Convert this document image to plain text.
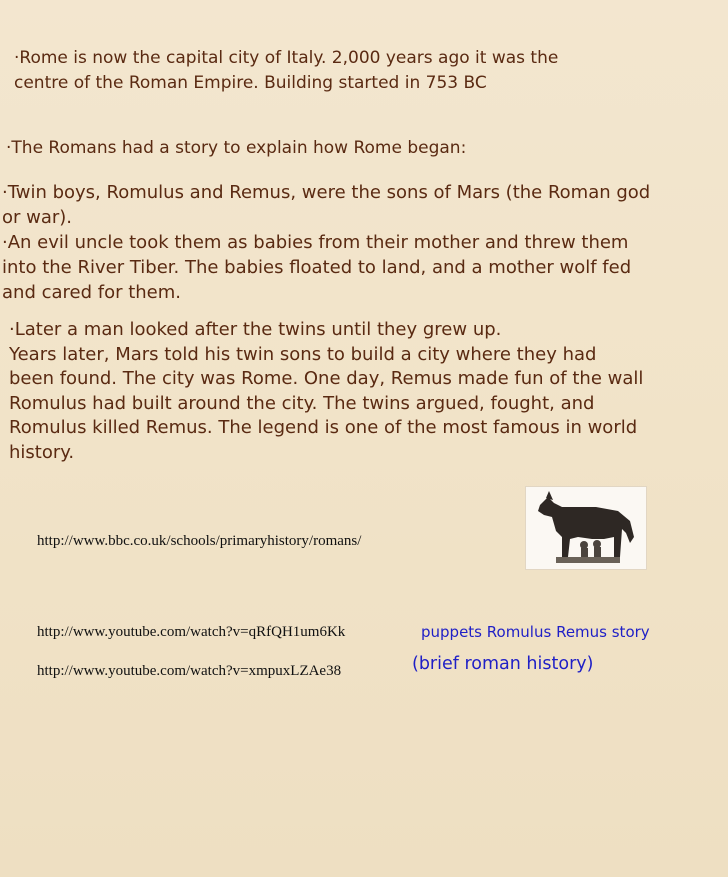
·Rome is now the capital city of Italy. 2,000 years ago it was the
centre of the Roman Empire. Building started in 753 BC

·The Romans had a story to explain how Rome began:

·Twin boys, Romulus and Remus, were the sons of Mars (the Roman god
or war).
·An evil uncle took them as babies from their mother and threw them
into the River Tiber. The babies floated to land, and a mother wolf fed
and cared for them.

·Later a man looked after the twins until they grew up.
Years later, Mars told his twin sons to build a city where they had
been found. The city was Rome. One day, Remus made fun of the wall
Romulus had built around the city. The twins argued, fought, and
Romulus killed Remus. The legend is one of the most famous in world
history.

http://www.bbc.co.uk/schools/primaryhistory/romans/
http://www.youtube.com/watch?v=qRfQH1um6Kk	puppets Romulus Remus story
http://www.youtube.com/watch?v=xmpuxLZAe38	(brief roman history)
